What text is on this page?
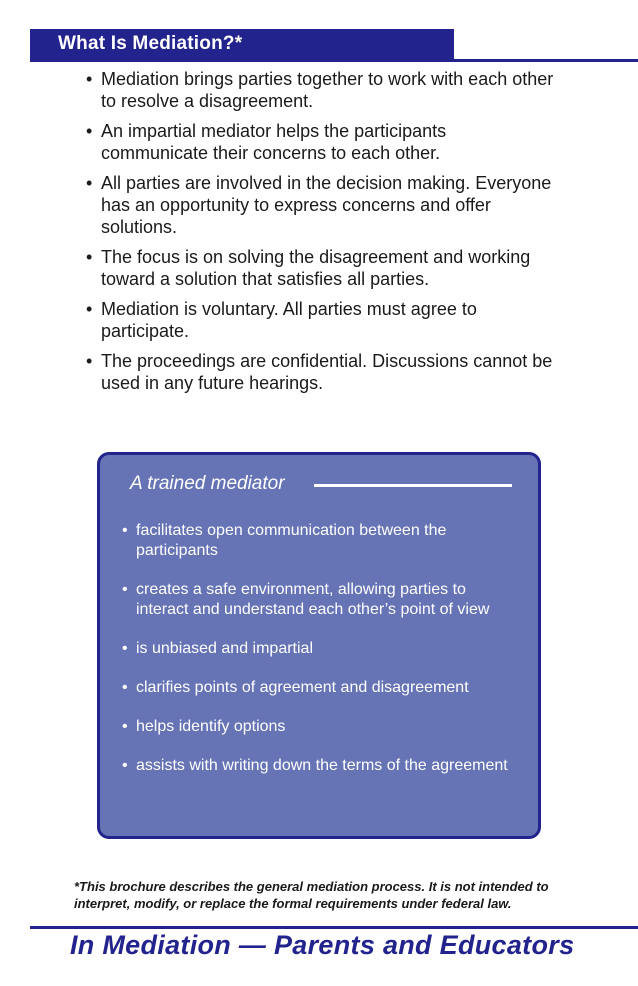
What Is Mediation?*
• Mediation brings parties together to work with each other to resolve a disagreement.
• An impartial mediator helps the participants communicate their concerns to each other.
• All parties are involved in the decision making. Everyone has an opportunity to express concerns and offer solutions.
• The focus is on solving the disagreement and working toward a solution that satisfies all parties.
• Mediation is voluntary. All parties must agree to participate.
• The proceedings are confidential. Discussions cannot be used in any future hearings.
A trained mediator
• facilitates open communication between the participants
• creates a safe environment, allowing parties to interact and understand each other’s point of view
• is unbiased and impartial
• clarifies points of agreement and disagreement
• helps identify options
• assists with writing down the terms of the agreement
*This brochure describes the general mediation process. It is not intended to interpret, modify, or replace the formal requirements under federal law.
In Mediation — Parents and Educators
